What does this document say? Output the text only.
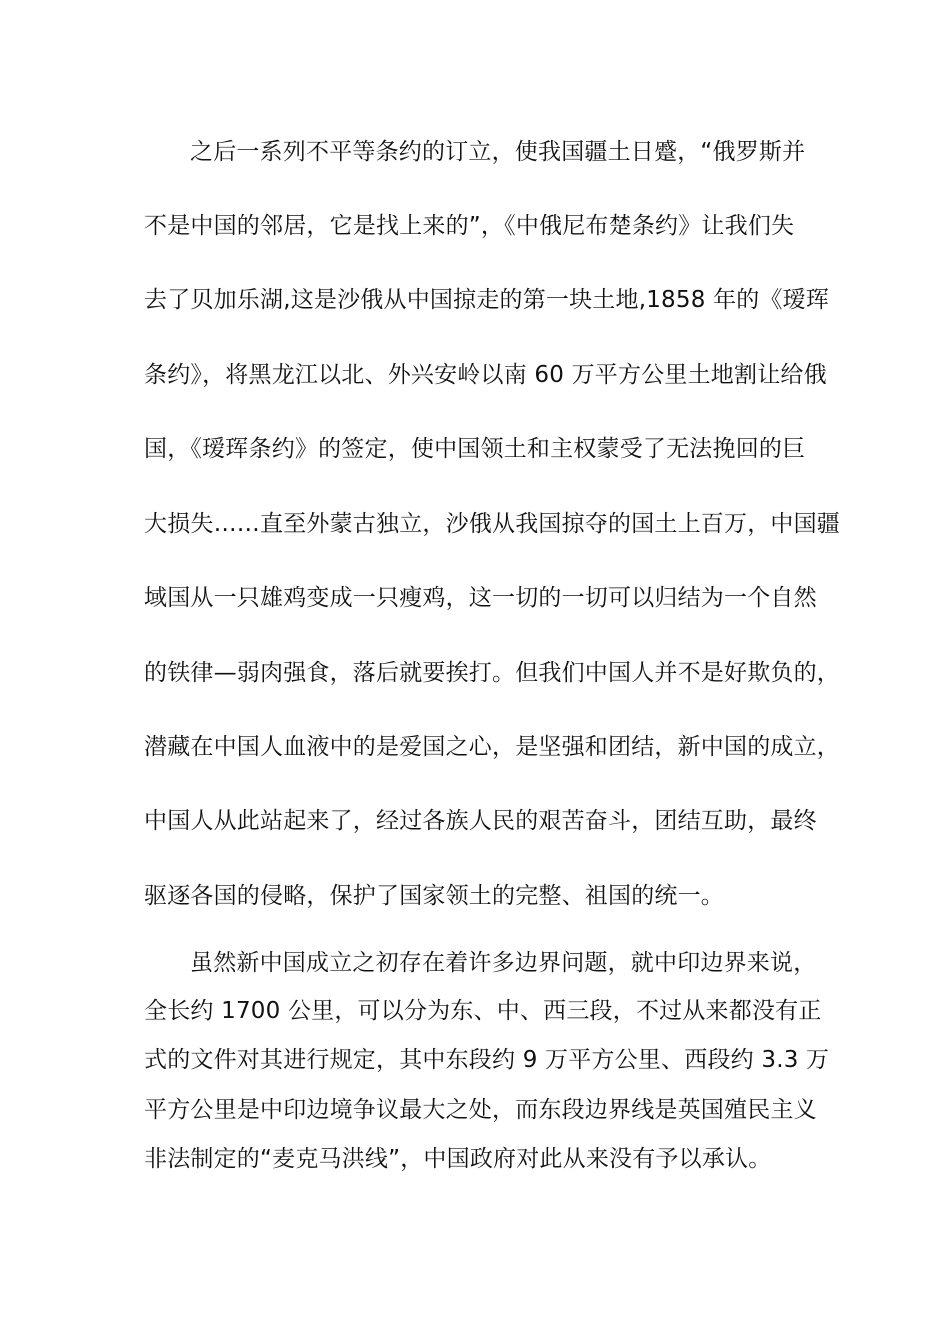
之后一系列不平等条约的订立，使我国疆土日蹙，“俄罗斯并
不是中国的邻居，它是找上来的”，《中俄尼布楚条约》让我们失
去了贝加乐湖,这是沙俄从中国掠走的第一块土地,1858 年的《瑷珲
条约》，将黑龙江以北、外兴安岭以南 60 万平方公里土地割让给俄
国，《瑷珲条约》的签定，使中国领土和主权蒙受了无法挽回的巨
大损失……直至外蒙古独立，沙俄从我国掠夺的国土上百万，中国疆
域国从一只雄鸡变成一只瘦鸡，这一切的一切可以归结为一个自然
的铁律—弱肉强食，落后就要挨打。但我们中国人并不是好欺负的，
潜藏在中国人血液中的是爱国之心，是坚强和团结，新中国的成立，
中国人从此站起来了，经过各族人民的艰苦奋斗，团结互助，最终
驱逐各国的侵略，保护了国家领土的完整、祖国的统一。
虽然新中国成立之初存在着许多边界问题，就中印边界来说，
全长约 1700 公里，可以分为东、中、西三段，不过从来都没有正
式的文件对其进行规定，其中东段约 9 万平方公里、西段约 3.3 万
平方公里是中印边境争议最大之处，而东段边界线是英国殖民主义
非法制定的“麦克马洪线”，中国政府对此从来没有予以承认。
